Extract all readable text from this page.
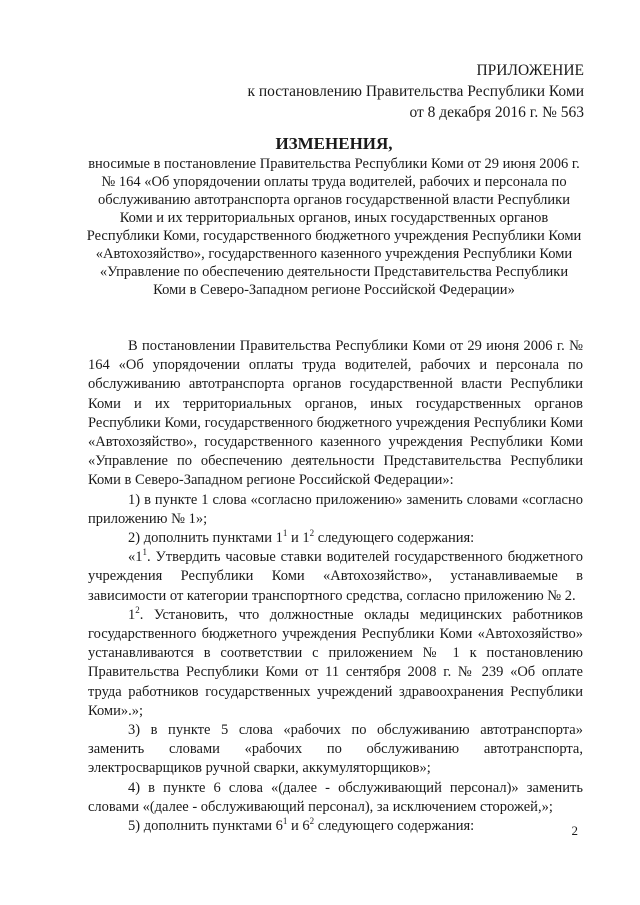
ПРИЛОЖЕНИЕ
к постановлению Правительства Республики Коми
от 8 декабря 2016 г. № 563
ИЗМЕНЕНИЯ,
вносимые в постановление Правительства Республики Коми от 29 июня 2006 г. № 164 «Об упорядочении оплаты труда водителей, рабочих и персонала по обслуживанию автотранспорта органов государственной власти Республики Коми и их территориальных органов, иных государственных органов Республики Коми, государственного бюджетного учреждения Республики Коми «Автохозяйство», государственного казенного учреждения Республики Коми «Управление по обеспечению деятельности Представительства Республики Коми в Северо-Западном регионе Российской Федерации»

В постановлении Правительства Республики Коми от 29 июня 2006 г. № 164 «Об упорядочении оплаты труда водителей, рабочих и персонала по обслуживанию автотранспорта органов государственной власти Республики Коми и их территориальных органов, иных государственных органов Республики Коми, государственного бюджетного учреждения Республики Коми «Автохозяйство», государственного казенного учреждения Республики Коми «Управление по обеспечению деятельности Представительства Республики Коми в Северо-Западном регионе Российской Федерации»:

1) в пункте 1 слова «согласно приложению» заменить словами «согласно приложению № 1»;

2) дополнить пунктами $1^1$ и $1^2$ следующего содержания:

«$1^1$. Утвердить часовые ставки водителей государственного бюджетного учреждения Республики Коми «Автохозяйство», устанавливаемые в зависимости от категории транспортного средства, согласно приложению № 2.

$1^2$. Установить, что должностные оклады медицинских работников государственного бюджетного учреждения Республики Коми «Автохозяйство» устанавливаются в соответствии с приложением № 1 к постановлению Правительства Республики Коми от 11 сентября 2008 г. № 239 «Об оплате труда работников государственных учреждений здравоохранения Республики Коми».»;

3) в пункте 5 слова «рабочих по обслуживанию автотранспорта» заменить словами «рабочих по обслуживанию автотранспорта, электросварщиков ручной сварки, аккумуляторщиков»;

4) в пункте 6 слова «(далее - обслуживающий персонал)» заменить словами «(далее - обслуживающий персонал), за исключением сторожей,»;

5) дополнить пунктами $6^1$ и $6^2$ следующего содержания:	2
